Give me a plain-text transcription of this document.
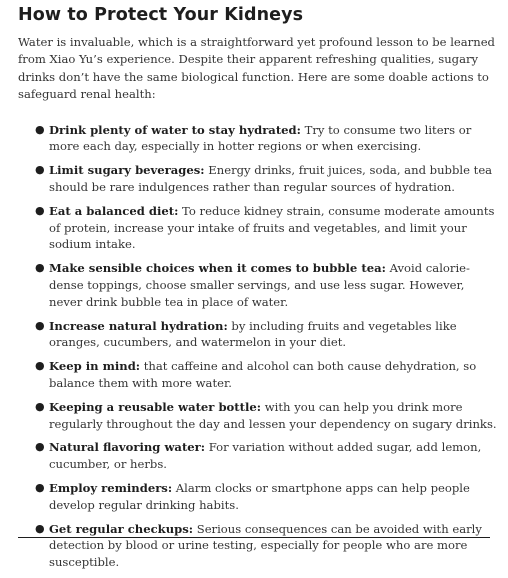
How to Protect Your Kidneys

Water is invaluable, which is a straightforward yet profound lesson to be learned from Xiao Yu’s experience. Despite their apparent refreshing qualities, sugary drinks don’t have the same biological function. Here are some doable actions to safeguard renal health:

● Drink plenty of water to stay hydrated: Try to consume two liters or more each day, especially in hotter regions or when exercising.
● Limit sugary beverages: Energy drinks, fruit juices, soda, and bubble tea should be rare indulgences rather than regular sources of hydration.
● Eat a balanced diet: To reduce kidney strain, consume moderate amounts of protein, increase your intake of fruits and vegetables, and limit your sodium intake.
● Make sensible choices when it comes to bubble tea: Avoid calorie-dense toppings, choose smaller servings, and use less sugar. However, never drink bubble tea in place of water.
● Increase natural hydration: by including fruits and vegetables like oranges, cucumbers, and watermelon in your diet.
● Keep in mind: that caffeine and alcohol can both cause dehydration, so balance them with more water.
● Keeping a reusable water bottle: with you can help you drink more regularly throughout the day and lessen your dependency on sugary drinks.
● Natural flavoring water: For variation without added sugar, add lemon, cucumber, or herbs.
● Employ reminders: Alarm clocks or smartphone apps can help people develop regular drinking habits.
● Get regular checkups: Serious consequences can be avoided with early detection by blood or urine testing, especially for people who are more susceptible.
